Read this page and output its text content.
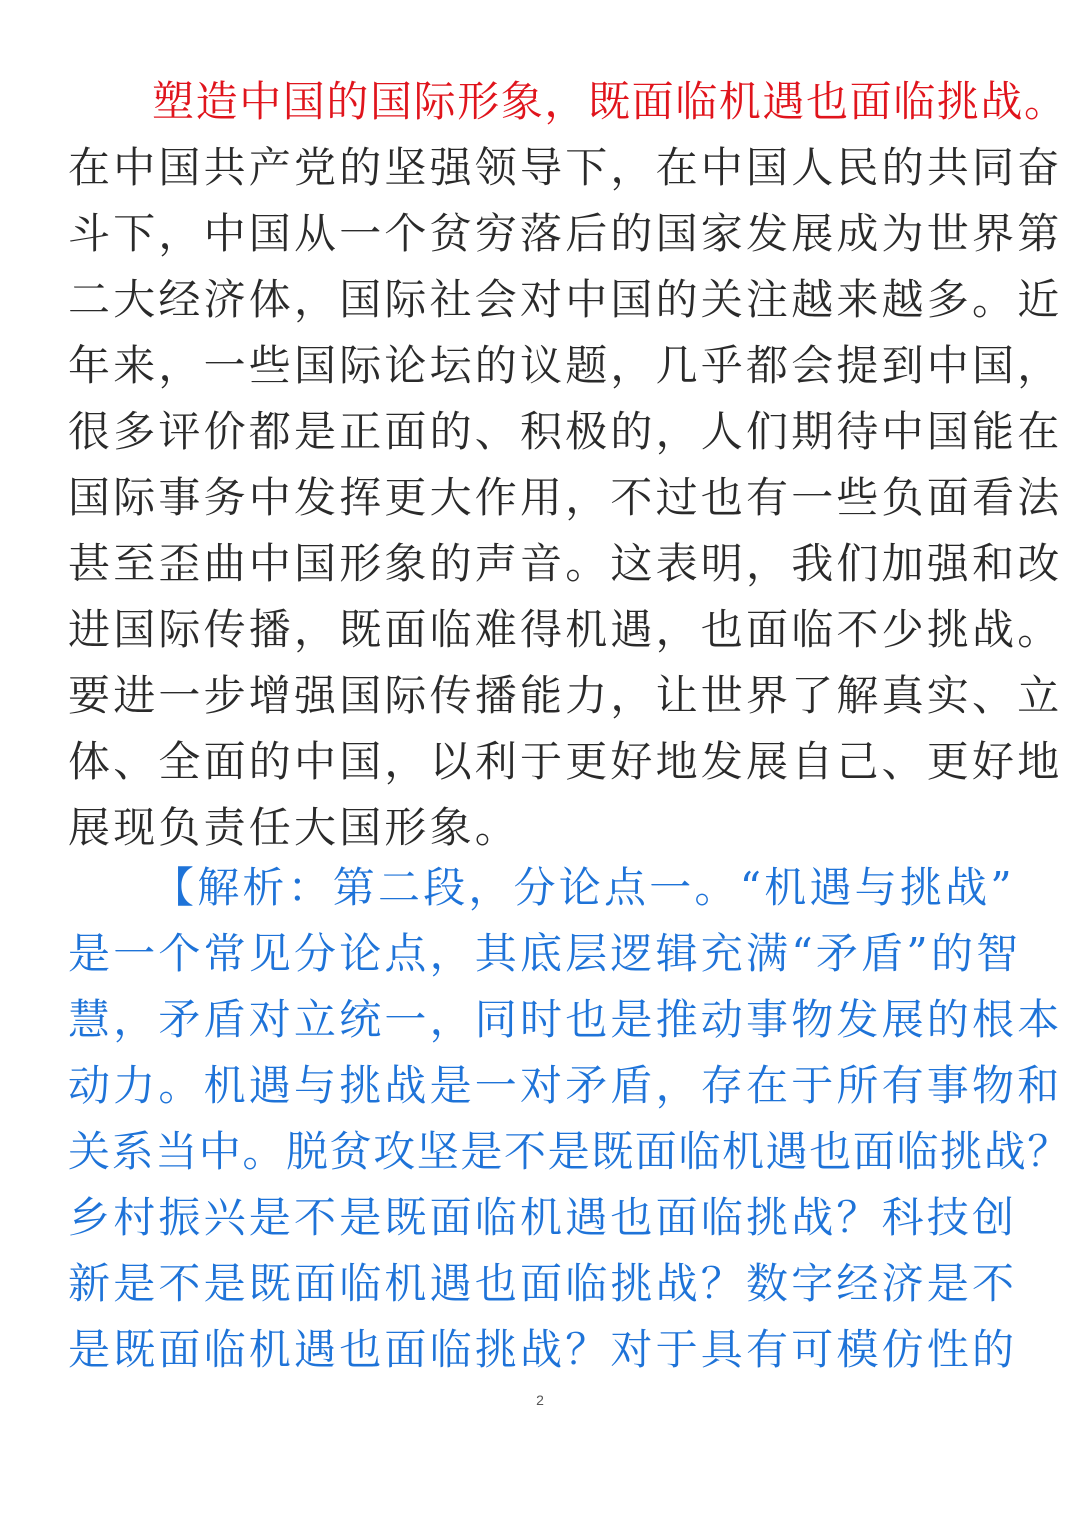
塑造中国的国际形象，既面临机遇也面临挑战。
在中国共产党的坚强领导下，在中国人民的共同奋
斗下，中国从一个贫穷落后的国家发展成为世界第
二大经济体，国际社会对中国的关注越来越多。近
年来，一些国际论坛的议题，几乎都会提到中国，
很多评价都是正面的、积极的，人们期待中国能在
国际事务中发挥更大作用，不过也有一些负面看法
甚至歪曲中国形象的声音。这表明，我们加强和改
进国际传播，既面临难得机遇，也面临不少挑战。
要进一步增强国际传播能力，让世界了解真实、立
体、全面的中国，以利于更好地发展自己、更好地
展现负责任大国形象。
【解析：第二段，分论点一。“机遇与挑战”
是一个常见分论点，其底层逻辑充满“矛盾”的智
慧，矛盾对立统一，同时也是推动事物发展的根本
动力。机遇与挑战是一对矛盾，存在于所有事物和
关系当中。脱贫攻坚是不是既面临机遇也面临挑战？
乡村振兴是不是既面临机遇也面临挑战？科技创
新是不是既面临机遇也面临挑战？数字经济是不
是既面临机遇也面临挑战？对于具有可模仿性的
2
